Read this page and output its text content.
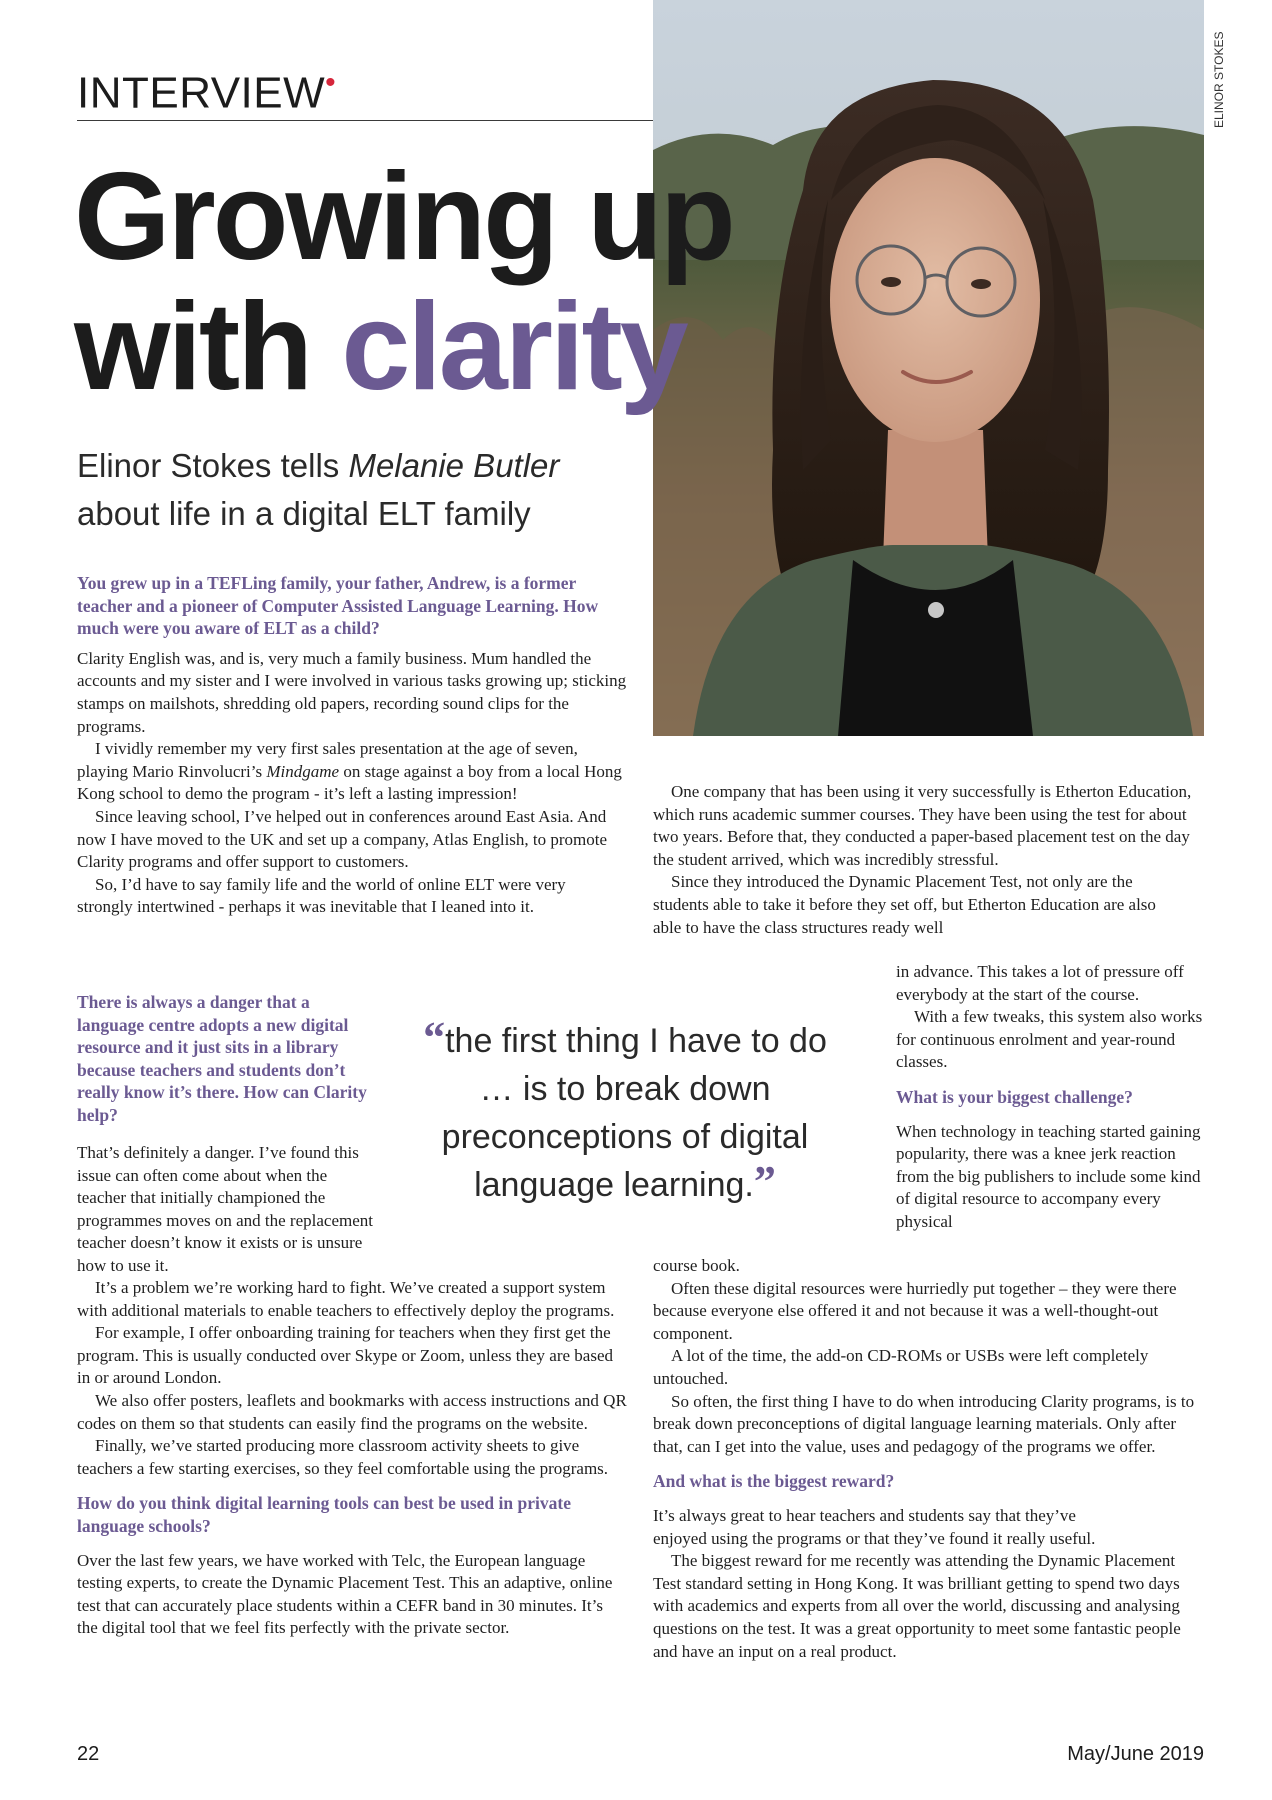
INTERVIEW•	ELINOR STOKES
Growing up
with clarity
Elinor Stokes tells Melanie Butler
about life in a digital ELT family

You grew up in a TEFLing family, your father, Andrew, is a former teacher and a pioneer of Computer Assisted Language Learning. How much were you aware of ELT as a child?

Clarity English was, and is, very much a family business. Mum handled the accounts and my sister and I were involved in various tasks growing up; sticking stamps on mailshots, shredding old papers, recording sound clips for the programs.

I vividly remember my very first sales presentation at the age of seven, playing Mario Rinvolucri’s Mindgame on stage against a boy from a local Hong Kong school to demo the program - it’s left a lasting impression!

Since leaving school, I’ve helped out in conferences around East Asia. And now I have moved to the UK and set up a company, Atlas English, to promote Clarity programs and offer support to customers.

So, I’d have to say family life and the world of online ELT were very strongly intertwined - perhaps it was inevitable that I leaned into it.

There is always a danger that a language centre adopts a new digital resource and it just sits in a library because teachers and students don’t really know it’s there. How can Clarity help?

That’s definitely a danger. I’ve found this issue can often come about when the teacher that initially championed the programmes moves on and the replacement teacher doesn’t know it exists or is unsure how to use it.

It’s a problem we’re working hard to fight. We’ve created a support system with additional materials to enable teachers to effectively deploy the programs.

For example, I offer onboarding training for teachers when they first get the program. This is usually conducted over Skype or Zoom, unless they are based in or around London.

We also offer posters, leaflets and bookmarks with access instructions and QR codes on them so that students can easily find the programs on the website.

Finally, we’ve started producing more classroom activity sheets to give teachers a few starting exercises, so they feel comfortable using the programs.

How do you think digital learning tools can best be used in private language schools?

Over the last few years, we have worked with Telc, the European language testing experts, to create the Dynamic Placement Test. This an adaptive, online test that can accurately place students within a CEFR band in 30 minutes. It’s the digital tool that we feel fits perfectly with the private sector.

“the first thing I have to do … is to break down preconceptions of digital language learning.”

One company that has been using it very successfully is Etherton Education, which runs academic summer courses. They have been using the test for about two years. Before that, they conducted a paper-based placement test on the day the student arrived, which was incredibly stressful.

Since they introduced the Dynamic Placement Test, not only are the students able to take it before they set off, but Etherton Education are also able to have the class structures ready well

in advance. This takes a lot of pressure off everybody at the start of the course.

With a few tweaks, this system also works for continuous enrolment and year-round classes.

What is your biggest challenge?

When technology in teaching started gaining popularity, there was a knee jerk reaction from the big publishers to include some kind of digital resource to accompany every physical

course book.

Often these digital resources were hurriedly put together – they were there because everyone else offered it and not because it was a well-thought-out component.

A lot of the time, the add-on CD-ROMs or USBs were left completely untouched.

So often, the first thing I have to do when introducing Clarity programs, is to break down preconceptions of digital language learning materials. Only after that, can I get into the value, uses and pedagogy of the programs we offer.

And what is the biggest reward?

It’s always great to hear teachers and students say that they’ve enjoyed using the programs or that they’ve found it really useful.

The biggest reward for me recently was attending the Dynamic Placement Test standard setting in Hong Kong. It was brilliant getting to spend two days with academics and experts from all over the world, discussing and analysing questions on the test. It was a great opportunity to meet some fantastic people and have an input on a real product.

22	May/June 2019
